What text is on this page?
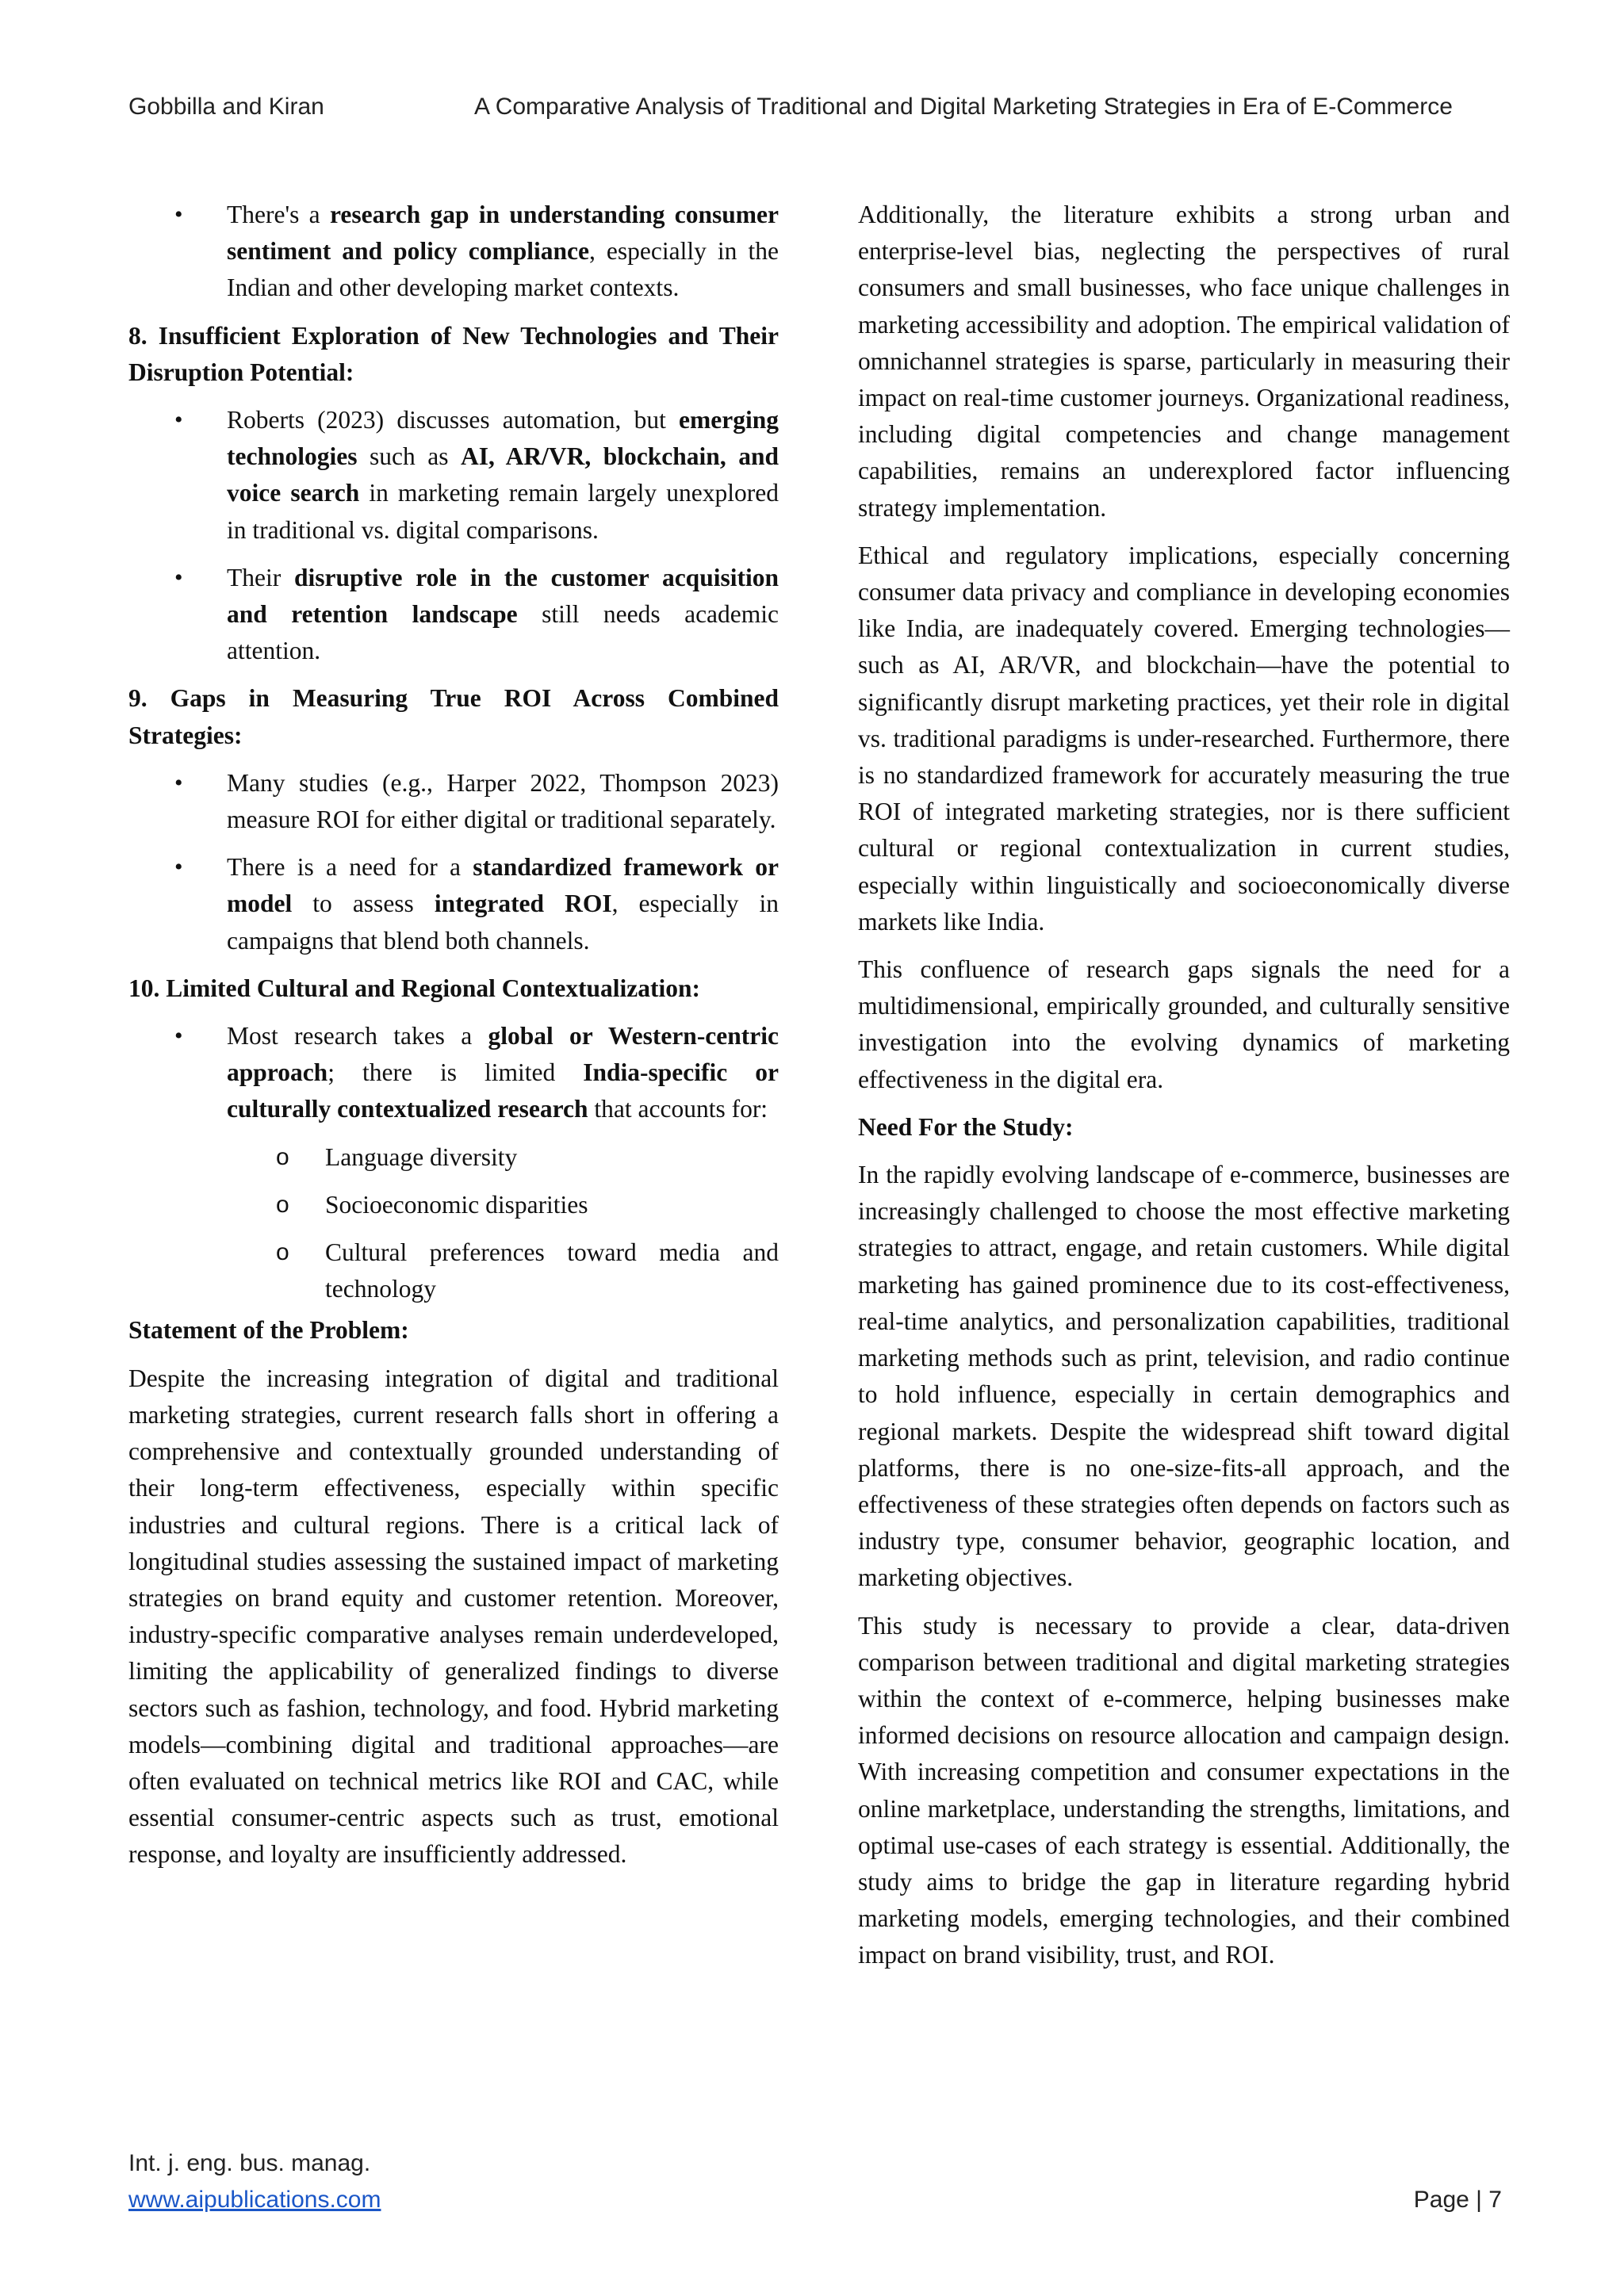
Gobbilla and Kiran	A Comparative Analysis of Traditional and Digital Marketing Strategies in Era of E-Commerce
• There's a research gap in understanding consumer sentiment and policy compliance, especially in the Indian and other developing market contexts.

8. Insufficient Exploration of New Technologies and Their Disruption Potential:

• Roberts (2023) discusses automation, but emerging technologies such as AI, AR/VR, blockchain, and voice search in marketing remain largely unexplored in traditional vs. digital comparisons.
• Their disruptive role in the customer acquisition and retention landscape still needs academic attention.

9. Gaps in Measuring True ROI Across Combined Strategies:

• Many studies (e.g., Harper 2022, Thompson 2023) measure ROI for either digital or traditional separately.
• There is a need for a standardized framework or model to assess integrated ROI, especially in campaigns that blend both channels.

10. Limited Cultural and Regional Contextualization:

• Most research takes a global or Western-centric approach; there is limited India-specific or culturally contextualized research that accounts for:
o Language diversity
o Socioeconomic disparities
o Cultural preferences toward media and technology

Statement of the Problem:

Despite the increasing integration of digital and traditional marketing strategies, current research falls short in offering a comprehensive and contextually grounded understanding of their long-term effectiveness, especially within specific industries and cultural regions. There is a critical lack of longitudinal studies assessing the sustained impact of marketing strategies on brand equity and customer retention. Moreover, industry-specific comparative analyses remain underdeveloped, limiting the applicability of generalized findings to diverse sectors such as fashion, technology, and food. Hybrid marketing models—combining digital and traditional approaches—are often evaluated on technical metrics like ROI and CAC, while essential consumer-centric aspects such as trust, emotional response, and loyalty are insufficiently addressed.

Additionally, the literature exhibits a strong urban and enterprise-level bias, neglecting the perspectives of rural consumers and small businesses, who face unique challenges in marketing accessibility and adoption. The empirical validation of omnichannel strategies is sparse, particularly in measuring their impact on real-time customer journeys. Organizational readiness, including digital competencies and change management capabilities, remains an underexplored factor influencing strategy implementation.

Ethical and regulatory implications, especially concerning consumer data privacy and compliance in developing economies like India, are inadequately covered. Emerging technologies—such as AI, AR/VR, and blockchain—have the potential to significantly disrupt marketing practices, yet their role in digital vs. traditional paradigms is under-researched. Furthermore, there is no standardized framework for accurately measuring the true ROI of integrated marketing strategies, nor is there sufficient cultural or regional contextualization in current studies, especially within linguistically and socioeconomically diverse markets like India.

This confluence of research gaps signals the need for a multidimensional, empirically grounded, and culturally sensitive investigation into the evolving dynamics of marketing effectiveness in the digital era.

Need For the Study:

In the rapidly evolving landscape of e-commerce, businesses are increasingly challenged to choose the most effective marketing strategies to attract, engage, and retain customers. While digital marketing has gained prominence due to its cost-effectiveness, real-time analytics, and personalization capabilities, traditional marketing methods such as print, television, and radio continue to hold influence, especially in certain demographics and regional markets. Despite the widespread shift toward digital platforms, there is no one-size-fits-all approach, and the effectiveness of these strategies often depends on factors such as industry type, consumer behavior, geographic location, and marketing objectives.

This study is necessary to provide a clear, data-driven comparison between traditional and digital marketing strategies within the context of e-commerce, helping businesses make informed decisions on resource allocation and campaign design. With increasing competition and consumer expectations in the online marketplace, understanding the strengths, limitations, and optimal use-cases of each strategy is essential. Additionally, the study aims to bridge the gap in literature regarding hybrid marketing models, emerging technologies, and their combined impact on brand visibility, trust, and ROI.

Int. j. eng. bus. manag.
www.aipublications.com	Page | 7
